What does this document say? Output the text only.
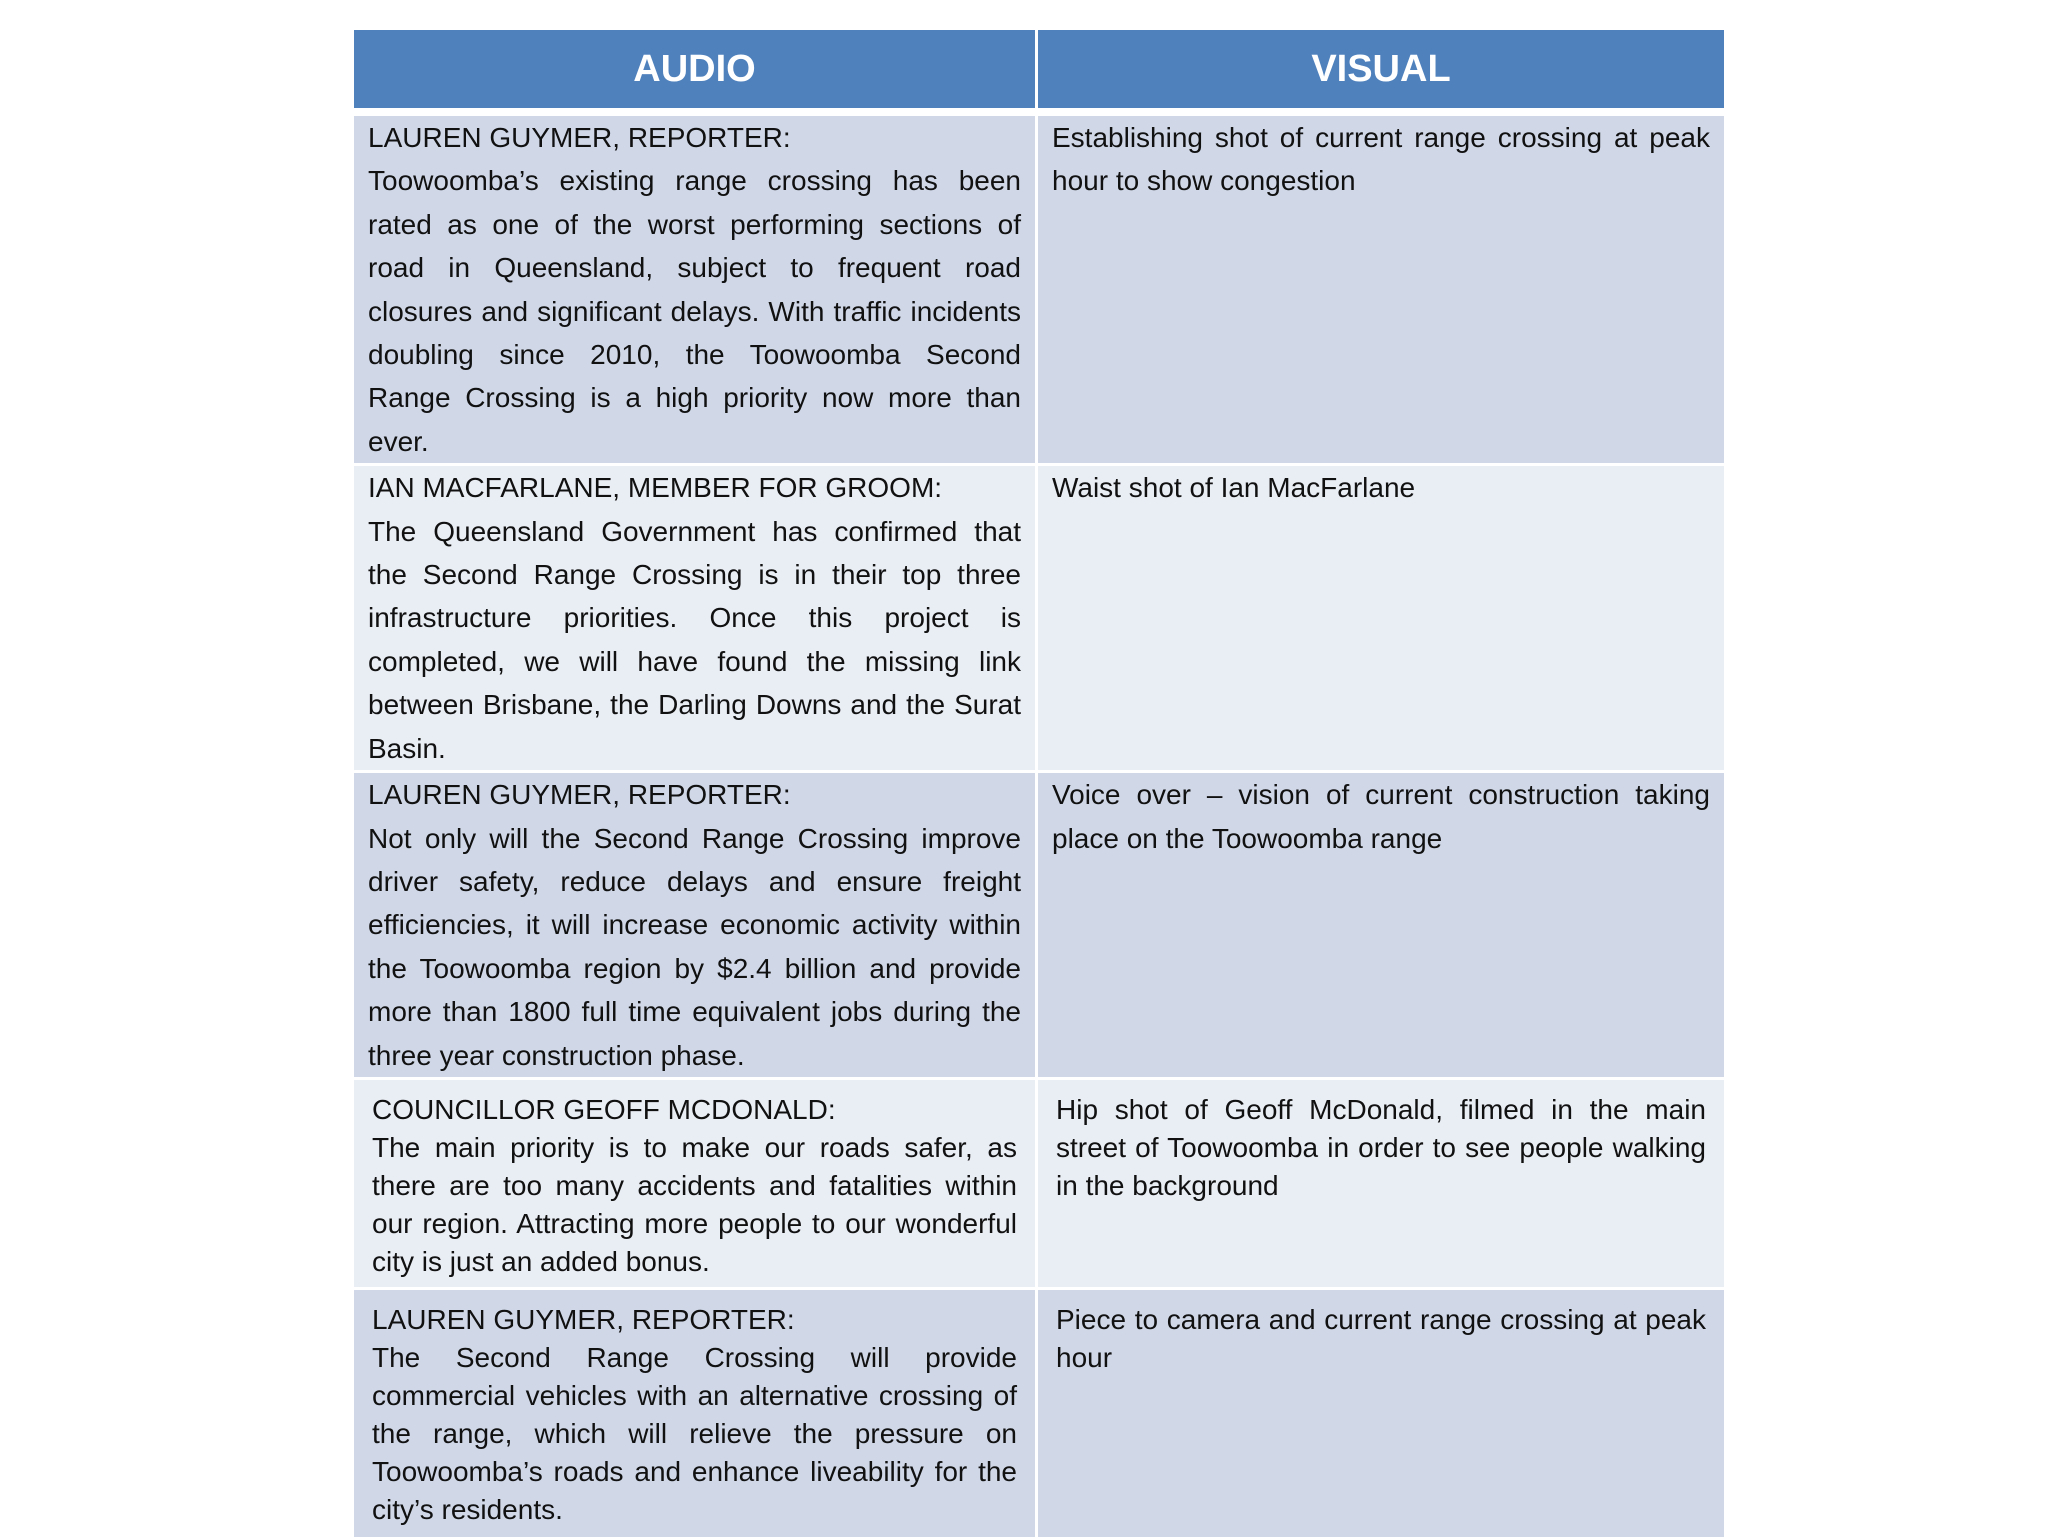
AUDIO	VISUAL

LAUREN GUYMER, REPORTER:
Toowoomba’s existing range crossing has been rated as one of the worst performing sections of road in Queensland, subject to frequent road closures and significant delays. With traffic incidents doubling since 2010, the Toowoomba Second Range Crossing is a high priority now more than ever.	Establishing shot of current range crossing at peak hour to show congestion

IAN MACFARLANE, MEMBER FOR GROOM:
The Queensland Government has confirmed that the Second Range Crossing is in their top three infrastructure priorities. Once this project is completed, we will have found the missing link between Brisbane, the Darling Downs and the Surat Basin.	Waist shot of Ian MacFarlane

LAUREN GUYMER, REPORTER:
Not only will the Second Range Crossing improve driver safety, reduce delays and ensure freight efficiencies, it will increase economic activity within the Toowoomba region by $2.4 billion and provide more than 1800 full time equivalent jobs during the three year construction phase.	Voice over – vision of current construction taking place on the Toowoomba range

COUNCILLOR GEOFF MCDONALD:
The main priority is to make our roads safer, as there are too many accidents and fatalities within our region. Attracting more people to our wonderful city is just an added bonus.	Hip shot of Geoff McDonald, filmed in the main street of Toowoomba in order to see people walking in the background

LAUREN GUYMER, REPORTER:
The Second Range Crossing will provide commercial vehicles with an alternative crossing of the range, which will relieve the pressure on Toowoomba’s roads and enhance liveability for the city’s residents.	Piece to camera and current range crossing at peak hour
